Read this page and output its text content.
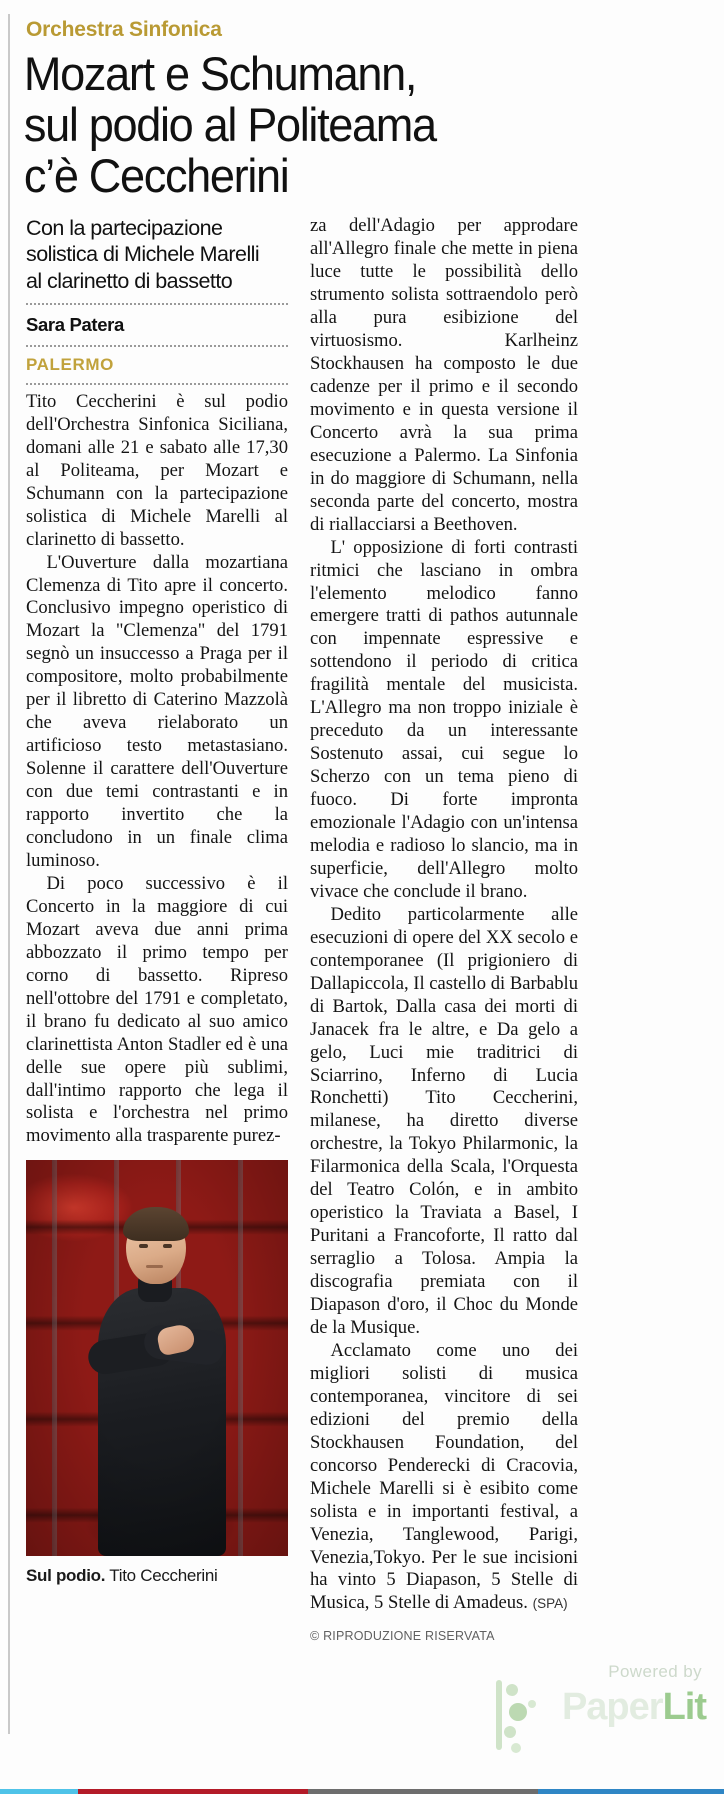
Orchestra Sinfonica
Mozart e Schumann,
sul podio al Politeama
c’è Ceccherini
Con la partecipazione
solistica di Michele Marelli
al clarinetto di bassetto
Sara Patera
PALERMO

Tito Ceccherini è sul podio dell'Orchestra Sinfonica Siciliana, domani alle 21 e sabato alle 17,30 al Politeama, per Mozart e Schumann con la partecipazione solistica di Michele Marelli al clarinetto di bassetto.

L'Ouverture dalla mozartiana Clemenza di Tito apre il concerto. Conclusivo impegno operistico di Mozart la "Clemenza" del 1791 segnò un insuccesso a Praga per il compositore, molto probabilmente per il libretto di Caterino Mazzolà che aveva rielaborato un artificioso testo metastasiano. Solenne il carattere dell'Ouverture con due temi contrastanti e in rapporto invertito che la concludono in un finale clima luminoso.

Di poco successivo è il Concerto in la maggiore di cui Mozart aveva due anni prima abbozzato il primo tempo per corno di bassetto. Ripreso nell'ottobre del 1791 e completato, il brano fu dedicato al suo amico clarinettista Anton Stadler ed è una delle sue opere più sublimi, dall'intimo rapporto che lega il solista e l'orchestra nel primo movimento alla trasparente purez-

Sul podio. Tito Ceccherini

za dell'Adagio per approdare all'Allegro finale che mette in piena luce tutte le possibilità dello strumento solista sottraendolo però alla pura esibizione del virtuosismo. Karlheinz Stockhausen ha composto le due cadenze per il primo e il secondo movimento e in questa versione il Concerto avrà la sua prima esecuzione a Palermo. La Sinfonia in do maggiore di Schumann, nella seconda parte del concerto, mostra di riallacciarsi a Beethoven.

L' opposizione di forti contrasti ritmici che lasciano in ombra l'elemento melodico fanno emergere tratti di pathos autunnale con impennate espressive e sottendono il periodo di critica fragilità mentale del musicista. L'Allegro ma non troppo iniziale è preceduto da un interessante Sostenuto assai, cui segue lo Scherzo con un tema pieno di fuoco. Di forte impronta emozionale l'Adagio con un'intensa melodia e radioso lo slancio, ma in superficie, dell'Allegro molto vivace che conclude il brano.

Dedito particolarmente alle esecuzioni di opere del XX secolo e contemporanee (Il prigioniero di Dallapiccola, Il castello di Barbablu di Bartok, Dalla casa dei morti di Janacek fra le altre, e Da gelo a gelo, Luci mie traditrici di Sciarrino, Inferno di Lucia Ronchetti) Tito Ceccherini, milanese, ha diretto diverse orchestre, la Tokyo Philarmonic, la Filarmonica della Scala, l'Orquesta del Teatro Colón, e in ambito operistico la Traviata a Basel, I Puritani a Francoforte, Il ratto dal serraglio a Tolosa. Ampia la discografia premiata con il Diapason d'oro, il Choc du Monde de la Musique.

Acclamato come uno dei migliori solisti di musica contemporanea, vincitore di sei edizioni del premio della Stockhausen Foundation, del concorso Penderecki di Cracovia, Michele Marelli si è esibito come solista e in importanti festival, a Venezia, Tanglewood, Parigi, Venezia,Tokyo. Per le sue incisioni ha vinto 5 Diapason, 5 Stelle di Musica, 5 Stelle di Amadeus. (SPA)

© RIPRODUZIONE RISERVATA
Powered by
PaperLit
